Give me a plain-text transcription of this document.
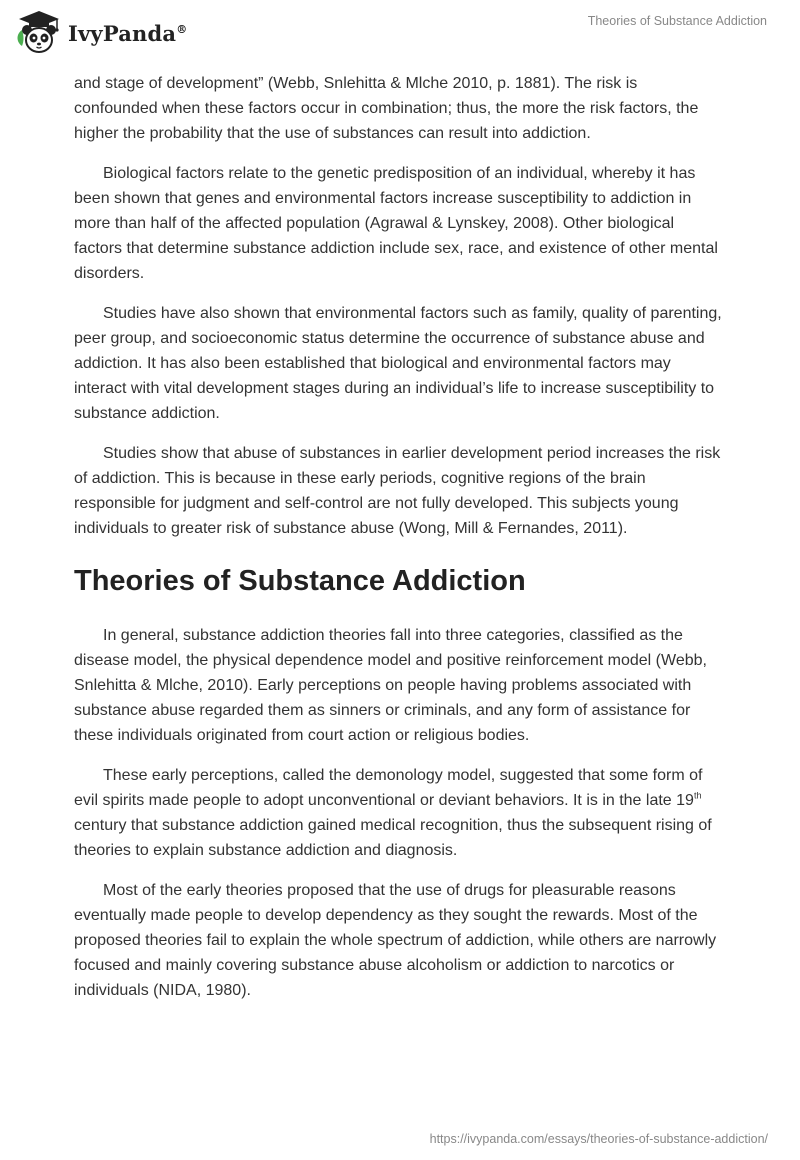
IvyPanda®
Theories of Substance Addiction

and stage of development” (Webb, Snlehitta & Mlche 2010, p. 1881). The risk is confounded when these factors occur in combination; thus, the more the risk factors, the higher the probability that the use of substances can result into addiction.

Biological factors relate to the genetic predisposition of an individual, whereby it has been shown that genes and environmental factors increase susceptibility to addiction in more than half of the affected population (Agrawal & Lynskey, 2008). Other biological factors that determine substance addiction include sex, race, and existence of other mental disorders.

Studies have also shown that environmental factors such as family, quality of parenting, peer group, and socioeconomic status determine the occurrence of substance abuse and addiction. It has also been established that biological and environmental factors may interact with vital development stages during an individual’s life to increase susceptibility to substance addiction.

Studies show that abuse of substances in earlier development period increases the risk of addiction. This is because in these early periods, cognitive regions of the brain responsible for judgment and self-control are not fully developed. This subjects young individuals to greater risk of substance abuse (Wong, Mill & Fernandes, 2011).

Theories of Substance Addiction

In general, substance addiction theories fall into three categories, classified as the disease model, the physical dependence model and positive reinforcement model (Webb, Snlehitta & Mlche, 2010). Early perceptions on people having problems associated with substance abuse regarded them as sinners or criminals, and any form of assistance for these individuals originated from court action or religious bodies.

These early perceptions, called the demonology model, suggested that some form of evil spirits made people to adopt unconventional or deviant behaviors. It is in the late 19th century that substance addiction gained medical recognition, thus the subsequent rising of theories to explain substance addiction and diagnosis.

Most of the early theories proposed that the use of drugs for pleasurable reasons eventually made people to develop dependency as they sought the rewards. Most of the proposed theories fail to explain the whole spectrum of addiction, while others are narrowly focused and mainly covering substance abuse alcoholism or addiction to narcotics or individuals (NIDA, 1980).

https://ivypanda.com/essays/theories-of-substance-addiction/
